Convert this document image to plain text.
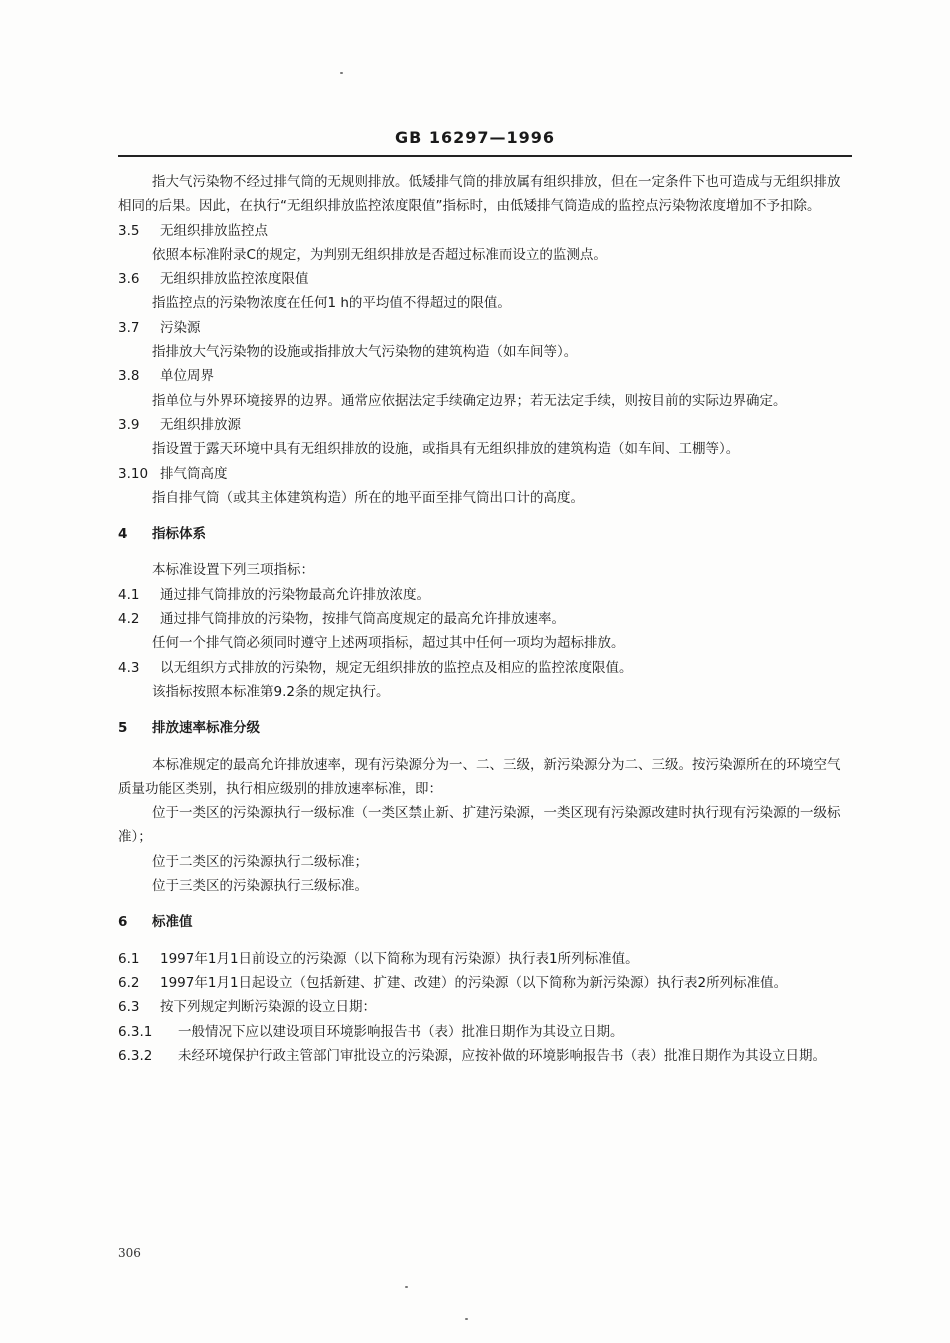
GB 16297—1996

指大气污染物不经过排气筒的无规则排放。低矮排气筒的排放属有组织排放，但在一定条件下也可造成与无组织排放相同的后果。因此，在执行“无组织排放监控浓度限值”指标时，由低矮排气筒造成的监控点污染物浓度增加不予扣除。

3.5 无组织排放监控点

依照本标准附录C的规定，为判别无组织排放是否超过标准而设立的监测点。

3.6 无组织排放监控浓度限值

指监控点的污染物浓度在任何1 h的平均值不得超过的限值。

3.7 污染源

指排放大气污染物的设施或指排放大气污染物的建筑构造（如车间等）。

3.8 单位周界

指单位与外界环境接界的边界。通常应依据法定手续确定边界；若无法定手续，则按目前的实际边界确定。

3.9 无组织排放源

指设置于露天环境中具有无组织排放的设施，或指具有无组织排放的建筑构造（如车间、工棚等）。

3.10 排气筒高度

指自排气筒（或其主体建筑构造）所在的地平面至排气筒出口计的高度。

4 指标体系

本标准设置下列三项指标：

4.1 通过排气筒排放的污染物最高允许排放浓度。

4.2 通过排气筒排放的污染物，按排气筒高度规定的最高允许排放速率。

任何一个排气筒必须同时遵守上述两项指标，超过其中任何一项均为超标排放。

4.3 以无组织方式排放的污染物，规定无组织排放的监控点及相应的监控浓度限值。

该指标按照本标准第9.2条的规定执行。

5 排放速率标准分级

本标准规定的最高允许排放速率，现有污染源分为一、二、三级，新污染源分为二、三级。按污染源所在的环境空气质量功能区类别，执行相应级别的排放速率标准，即：

位于一类区的污染源执行一级标准（一类区禁止新、扩建污染源，一类区现有污染源改建时执行现有污染源的一级标准）；

位于二类区的污染源执行二级标准；

位于三类区的污染源执行三级标准。

6 标准值

6.1 1997年1月1日前设立的污染源（以下简称为现有污染源）执行表1所列标准值。

6.2 1997年1月1日起设立（包括新建、扩建、改建）的污染源（以下简称为新污染源）执行表2所列标准值。

6.3 按下列规定判断污染源的设立日期：

6.3.1 一般情况下应以建设项目环境影响报告书（表）批准日期作为其设立日期。

6.3.2 未经环境保护行政主管部门审批设立的污染源，应按补做的环境影响报告书（表）批准日期作为其设立日期。

306
